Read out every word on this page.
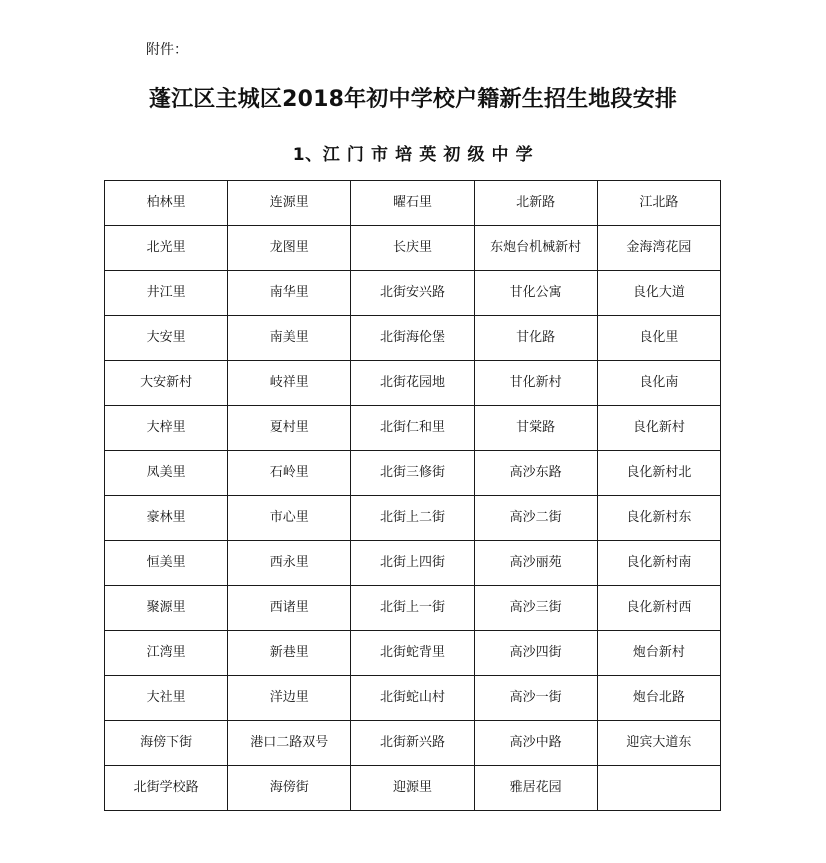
附件：
蓬江区主城区2018年初中学校户籍新生招生地段安排
1、江 门 市 培 英 初 级 中 学
柏林里	连源里	曜石里	北新路	江北路
北光里	龙图里	长庆里	东炮台机械新村	金海湾花园
井江里	南华里	北街安兴路	甘化公寓	良化大道
大安里	南美里	北街海伦堡	甘化路	良化里
大安新村	岐祥里	北街花园地	甘化新村	良化南
大梓里	夏村里	北街仁和里	甘棠路	良化新村
凤美里	石岭里	北街三修街	高沙东路	良化新村北
豪林里	市心里	北街上二街	高沙二街	良化新村东
恒美里	西永里	北街上四街	高沙丽苑	良化新村南
聚源里	西诸里	北街上一街	高沙三街	良化新村西
江湾里	新巷里	北街蛇背里	高沙四街	炮台新村
大社里	洋边里	北街蛇山村	高沙一街	炮台北路
海傍下街	港口二路双号	北街新兴路	高沙中路	迎宾大道东
北街学校路	海傍街	迎源里	雅居花园	
